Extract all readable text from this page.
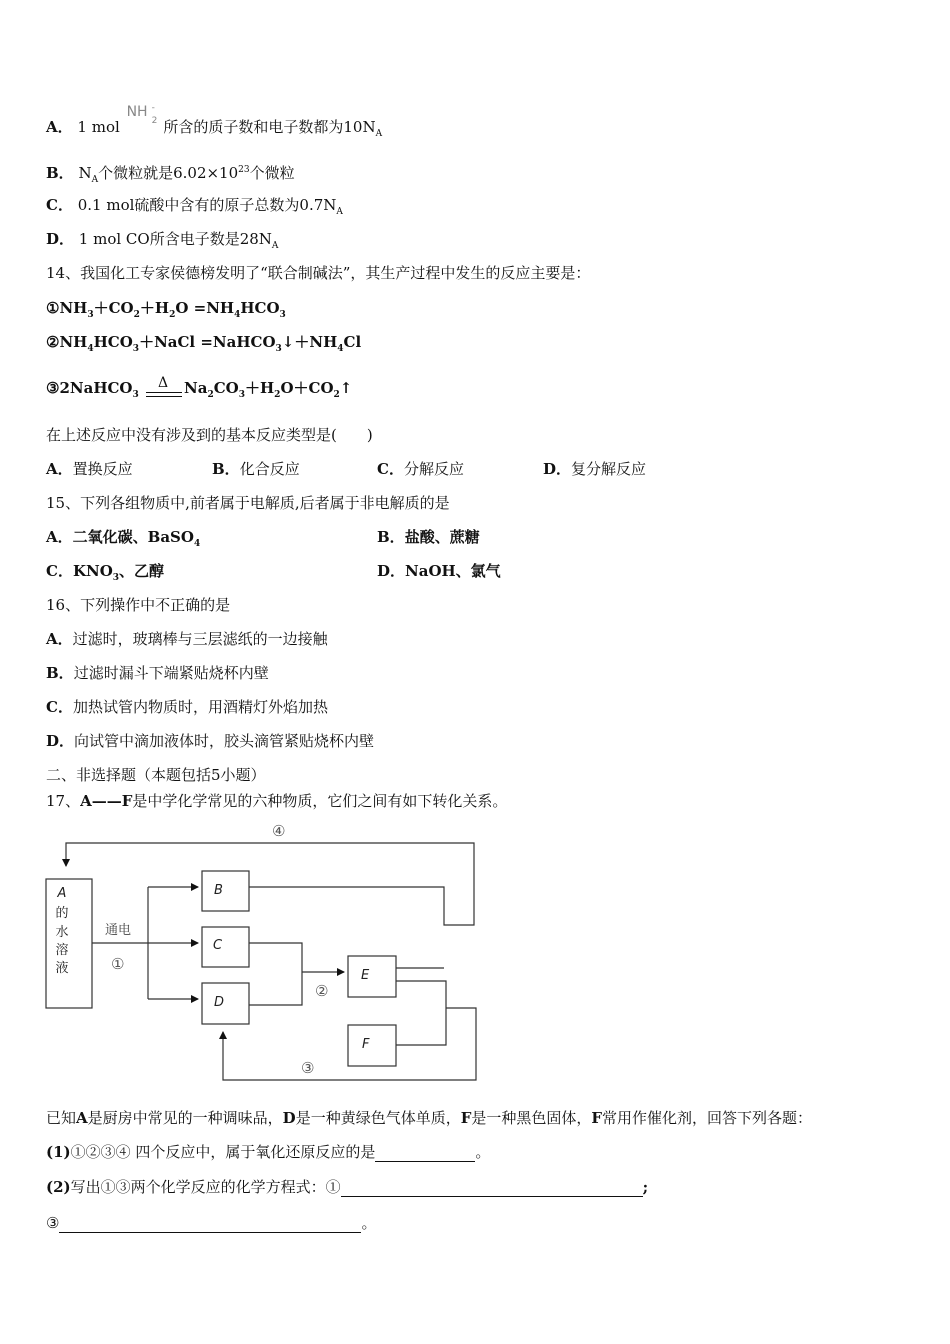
A． 1 mol
NH -
2 所含的质子数和电子数都为$10N_A$
B． $N_A$个微粒就是$6.02\times 10^{23}$个微粒
C． 0.1 mol硫酸中含有的原子总数为$0.7N_A$
D． 1 mol CO所含电子数是$28N_A$
14、我国化工专家侯德榜发明了“联合制碱法”，其生产过程中发生的反应主要是：
$①NH_3+CO_2+H_2O =NH_4HCO_3$
$②NH_4HCO_3+NaCl$ $=NaHCO_3↓+NH_4Cl$
③2NaHCO$_3$
Δ $Na_2CO_3+H_2O+CO_2↑$
在上述反应中没有涉及到的基本反应类型是(　　)
A．置换反应	B．化合反应	C．分解反应	D．复分解反应
15、下列各组物质中,前者属于电解质,后者属于非电解质的是
A．二氧化碳、BaSO$_4$	B．盐酸、蔗糖
C．$KNO_3$、乙醇	D．NaOH、氯气
16、下列操作中不正确的是
A．过滤时，玻璃棒与三层滤纸的一边接触
B．过滤时漏斗下端紧贴烧杯内壁
C．加热试管内物质时，用酒精灯外焰加热
D．向试管中滴加液体时，胶头滴管紧贴烧杯内壁
二、非选择题（本题包括5小题）
17、A——F是中学化学常见的六种物质，它们之间有如下转化关系。
A
的
水
溶
液
通电
①
②
③
④
B
C
D
E
F
已知A是厨房中常见的一种调味品，D是一种黄绿色气体单质，F是一种黑色固体，F常用作催化剂，回答下列各题：
(1)①②③④ 四个反应中，属于氧化还原反应的是	。
(2)写出①③两个化学反应的化学方程式：①	;
③	。
